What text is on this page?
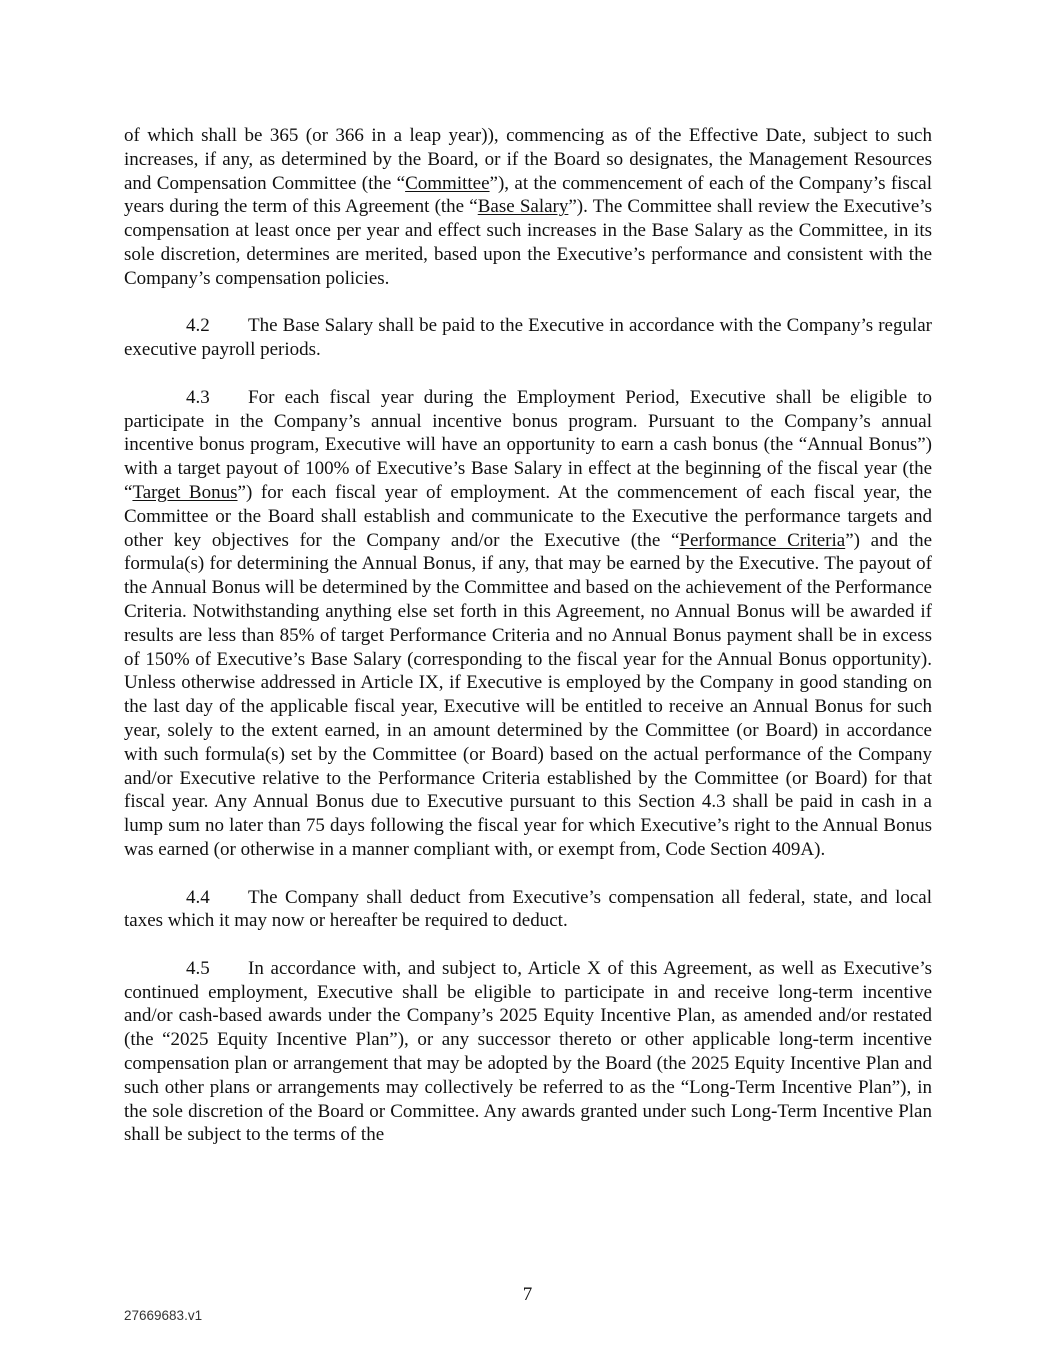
of which shall be 365 (or 366 in a leap year)), commencing as of the Effective Date, subject to such increases, if any, as determined by the Board, or if the Board so designates, the Management Resources and Compensation Committee (the “Committee”), at the commencement of each of the Company’s fiscal years during the term of this Agreement (the “Base Salary”). The Committee shall review the Executive’s compensation at least once per year and effect such increases in the Base Salary as the Committee, in its sole discretion, determines are merited, based upon the Executive’s performance and consistent with the Company’s compensation policies.

4.2 The Base Salary shall be paid to the Executive in accordance with the Company’s regular executive payroll periods.

4.3 For each fiscal year during the Employment Period, Executive shall be eligible to participate in the Company’s annual incentive bonus program. Pursuant to the Company’s annual incentive bonus program, Executive will have an opportunity to earn a cash bonus (the “Annual Bonus”) with a target payout of 100% of Executive’s Base Salary in effect at the beginning of the fiscal year (the “Target Bonus”) for each fiscal year of employment. At the commencement of each fiscal year, the Committee or the Board shall establish and communicate to the Executive the performance targets and other key objectives for the Company and/or the Executive (the “Performance Criteria”) and the formula(s) for determining the Annual Bonus, if any, that may be earned by the Executive. The payout of the Annual Bonus will be determined by the Committee and based on the achievement of the Performance Criteria. Notwithstanding anything else set forth in this Agreement, no Annual Bonus will be awarded if results are less than 85% of target Performance Criteria and no Annual Bonus payment shall be in excess of 150% of Executive’s Base Salary (corresponding to the fiscal year for the Annual Bonus opportunity). Unless otherwise addressed in Article IX, if Executive is employed by the Company in good standing on the last day of the applicable fiscal year, Executive will be entitled to receive an Annual Bonus for such year, solely to the extent earned, in an amount determined by the Committee (or Board) in accordance with such formula(s) set by the Committee (or Board) based on the actual performance of the Company and/or Executive relative to the Performance Criteria established by the Committee (or Board) for that fiscal year. Any Annual Bonus due to Executive pursuant to this Section 4.3 shall be paid in cash in a lump sum no later than 75 days following the fiscal year for which Executive’s right to the Annual Bonus was earned (or otherwise in a manner compliant with, or exempt from, Code Section 409A).

4.4 The Company shall deduct from Executive’s compensation all federal, state, and local taxes which it may now or hereafter be required to deduct.

4.5 In accordance with, and subject to, Article X of this Agreement, as well as Executive’s continued employment, Executive shall be eligible to participate in and receive long-term incentive and/or cash-based awards under the Company’s 2025 Equity Incentive Plan, as amended and/or restated (the “2025 Equity Incentive Plan”), or any successor thereto or other applicable long-term incentive compensation plan or arrangement that may be adopted by the Board (the 2025 Equity Incentive Plan and such other plans or arrangements may collectively be referred to as the “Long-Term Incentive Plan”), in the sole discretion of the Board or Committee. Any awards granted under such Long-Term Incentive Plan shall be subject to the terms of the

7
27669683.v1
